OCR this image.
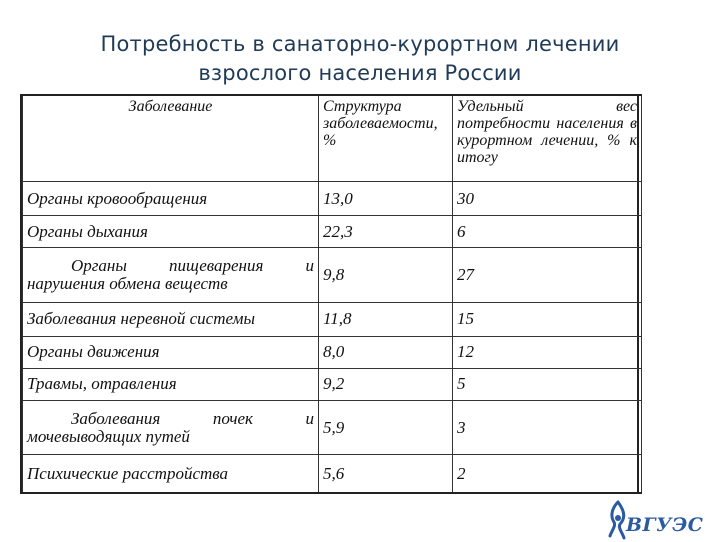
Потребность в санаторно-курортном лечении
взрослого населения России
Заболевание	Структура заболеваемости, %	Удельный вес потребности населения в курортном лечении, % к итогу
Органы кровообращения	13,0	30
Органы дыхания	22,3	6
Органы пищеварения и нарушения обмена веществ	9,8	27
Заболевания нерeвной системы	11,8	15
Органы движения	8,0	12
Травмы, отравления	9,2	5
Заболевания почек и мочевыводящих путей	5,9	3
Психические расстройства	5,6	2
ВГУЭС
